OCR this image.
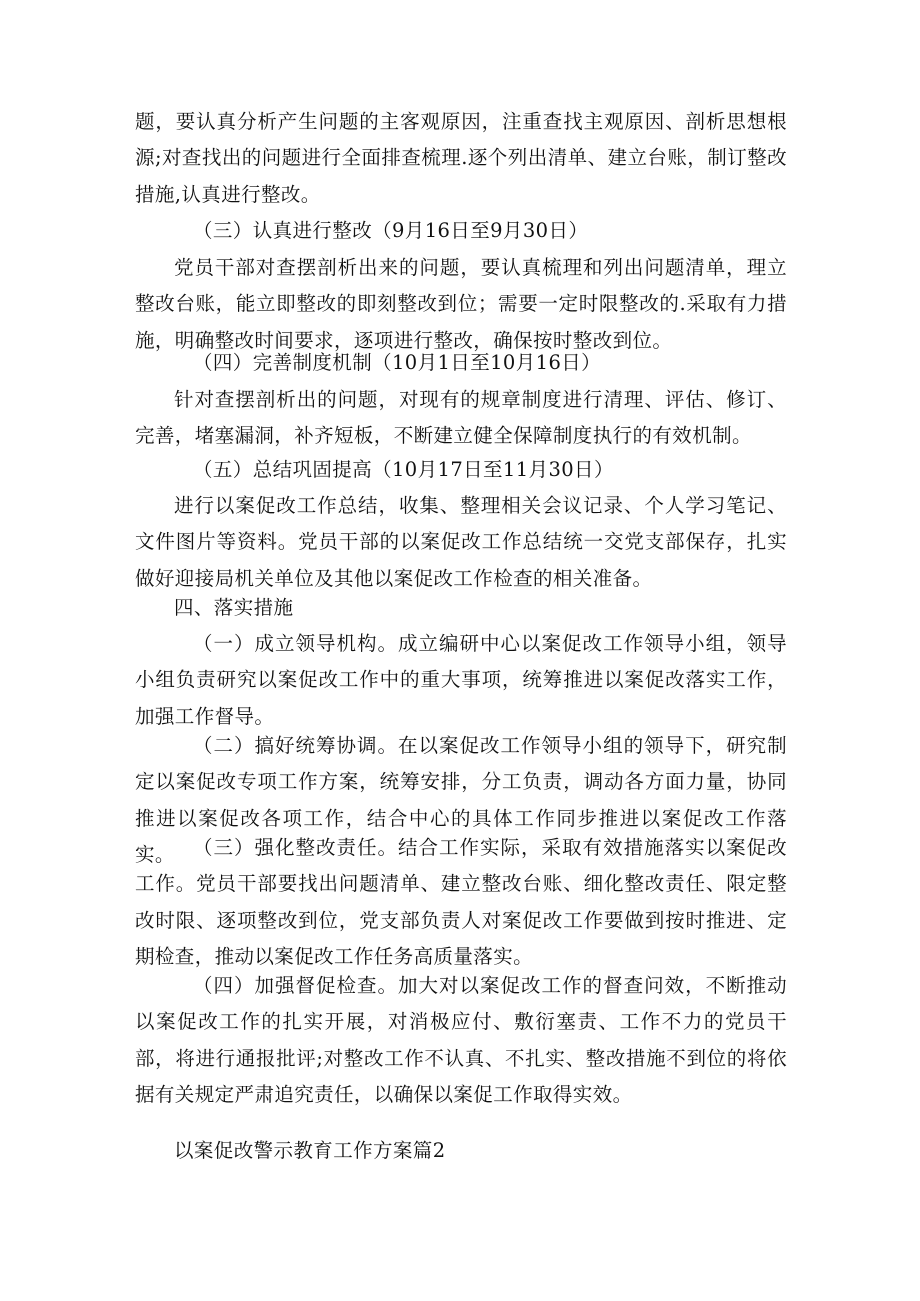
题，要认真分析产生问题的主客观原因，注重查找主观原因、剖析思想根源;对查找出的问题进行全面排查梳理.逐个列出清单、建立台账，制订整改措施,认真进行整改。

（三）认真进行整改（9月16日至9月30日）

党员干部对查摆剖析出来的问题，要认真梳理和列出问题清单，理立整改台账，能立即整改的即刻整改到位；需要一定时限整改的.采取有力措施，明确整改时间要求，逐项进行整改，确保按时整改到位。

（四）完善制度机制（10月1日至10月16日）

针对查摆剖析出的问题，对现有的规章制度进行清理、评估、修订、完善，堵塞漏洞，补齐短板，不断建立健全保障制度执行的有效机制。

（五）总结巩固提高（10月17日至11月30日）

进行以案促改工作总结，收集、整理相关会议记录、个人学习笔记、文件图片等资料。党员干部的以案促改工作总结统一交党支部保存，扎实做好迎接局机关单位及其他以案促改工作检查的相关准备。

四、落实措施

（一）成立领导机构。成立编研中心以案促改工作领导小组，领导小组负责研究以案促改工作中的重大事项，统筹推进以案促改落实工作，加强工作督导。

（二）搞好统筹协调。在以案促改工作领导小组的领导下，研究制定以案促改专项工作方案，统筹安排，分工负责，调动各方面力量，协同推进以案促改各项工作，结合中心的具体工作同步推进以案促改工作落实。 （三）强化整改责任。结合工作实际，采取有效措施落实以案促改工作。党员干部要找出问题清单、建立整改台账、细化整改责任、限定整改时限、逐项整改到位，党支部负责人对案促改工作要做到按时推进、定期检查，推动以案促改工作任务高质量落实。

（四）加强督促检查。加大对以案促改工作的督查问效，不断推动以案促改工作的扎实开展，对消极应付、敷衍塞责、工作不力的党员干部，将进行通报批评;对整改工作不认真、不扎实、整改措施不到位的将依据有关规定严肃追究责任，以确保以案促工作取得实效。

以案促改警示教育工作方案篇2
